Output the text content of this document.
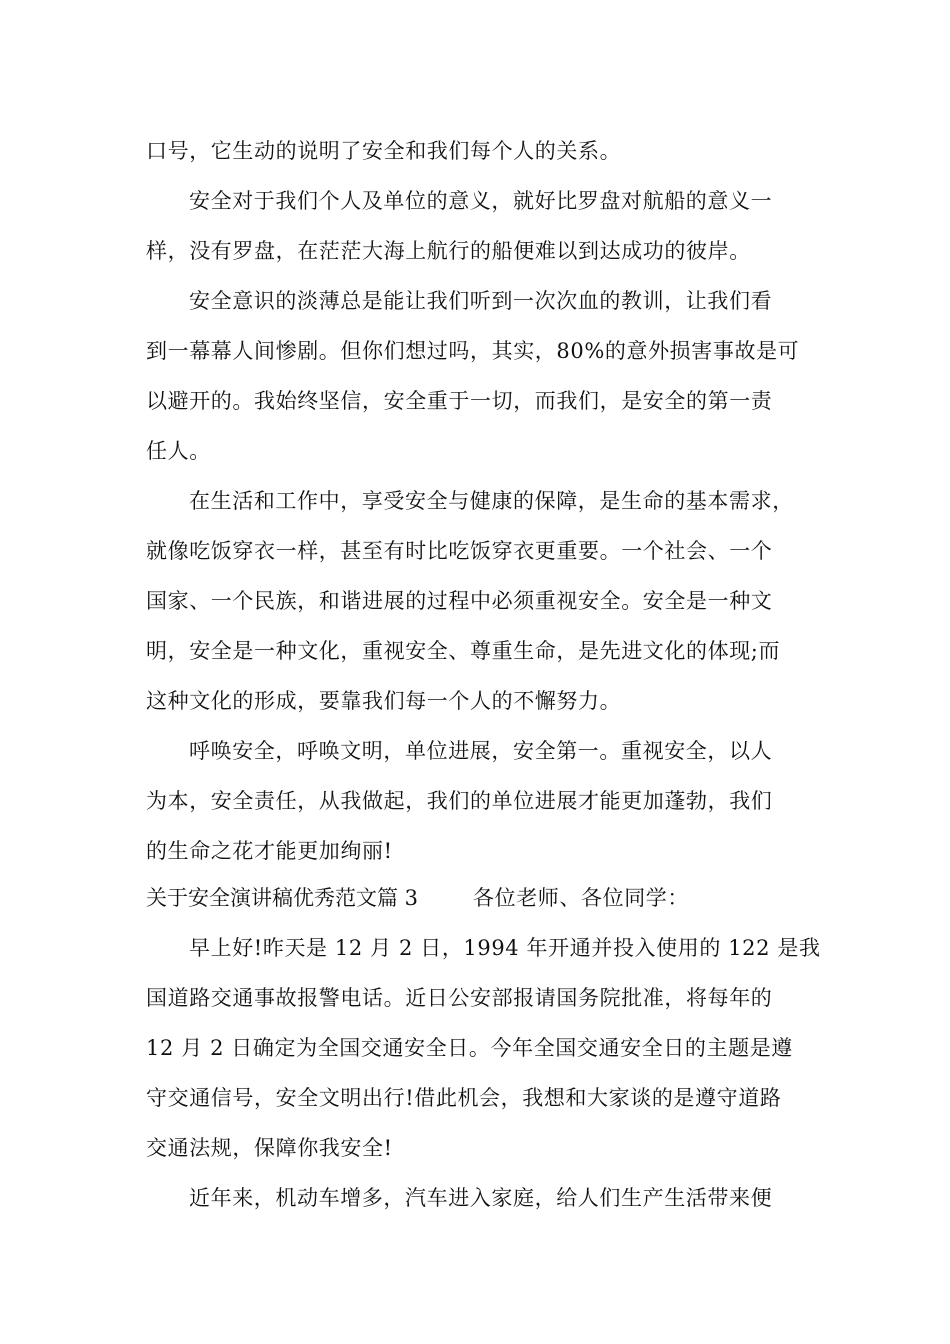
口号，它生动的说明了安全和我们每个人的关系。
安全对于我们个人及单位的意义，就好比罗盘对航船的意义一
样，没有罗盘，在茫茫大海上航行的船便难以到达成功的彼岸。
安全意识的淡薄总是能让我们听到一次次血的教训，让我们看
到一幕幕人间惨剧。但你们想过吗，其实，80%的意外损害事故是可
以避开的。我始终坚信，安全重于一切，而我们，是安全的第一责
任人。
在生活和工作中，享受安全与健康的保障，是生命的基本需求，
就像吃饭穿衣一样，甚至有时比吃饭穿衣更重要。一个社会、一个
国家、一个民族，和谐进展的过程中必须重视安全。安全是一种文
明，安全是一种文化，重视安全、尊重生命，是先进文化的体现;而
这种文化的形成，要靠我们每一个人的不懈努力。
呼唤安全，呼唤文明，单位进展，安全第一。重视安全，以人
为本，安全责任，从我做起，我们的单位进展才能更加蓬勃，我们
的生命之花才能更加绚丽!
关于安全演讲稿优秀范文篇 3	各位老师、各位同学：
早上好!昨天是 12 月 2 日，1994 年开通并投入使用的 122 是我
国道路交通事故报警电话。近日公安部报请国务院批准，将每年的
12 月 2 日确定为全国交通安全日。今年全国交通安全日的主题是遵
守交通信号，安全文明出行!借此机会，我想和大家谈的是遵守道路
交通法规，保障你我安全!
近年来，机动车增多，汽车进入家庭，给人们生产生活带来便
